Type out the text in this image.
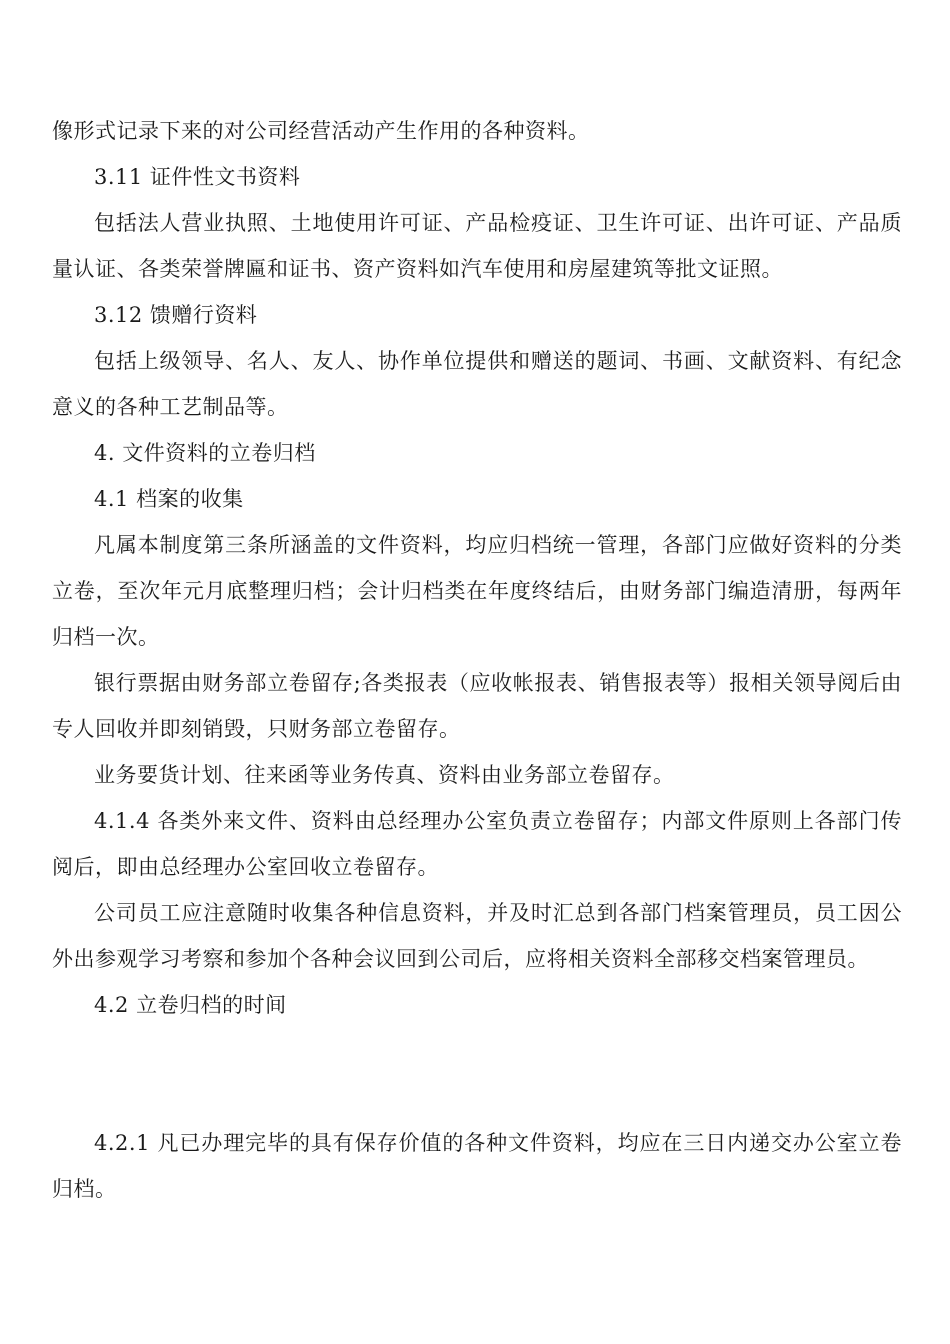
像形式记录下来的对公司经营活动产生作用的各种资料。

3.11 证件性文书资料

包括法人营业执照、土地使用许可证、产品检疫证、卫生许可证、出许可证、产品质量认证、各类荣誉牌匾和证书、资产资料如汽车使用和房屋建筑等批文证照。

3.12 馈赠行资料

包括上级领导、名人、友人、协作单位提供和赠送的题词、书画、文献资料、有纪念意义的各种工艺制品等。

4. 文件资料的立卷归档

4.1 档案的收集

凡属本制度第三条所涵盖的文件资料，均应归档统一管理，各部门应做好资料的分类立卷，至次年元月底整理归档；会计归档类在年度终结后，由财务部门编造清册，每两年归档一次。

银行票据由财务部立卷留存;各类报表（应收帐报表、销售报表等）报相关领导阅后由专人回收并即刻销毁，只财务部立卷留存。

业务要货计划、往来函等业务传真、资料由业务部立卷留存。

4.1.4 各类外来文件、资料由总经理办公室负责立卷留存；内部文件原则上各部门传阅后，即由总经理办公室回收立卷留存。

公司员工应注意随时收集各种信息资料，并及时汇总到各部门档案管理员，员工因公外出参观学习考察和参加个各种会议回到公司后，应将相关资料全部移交档案管理员。

4.2 立卷归档的时间

4.2.1 凡已办理完毕的具有保存价值的各种文件资料，均应在三日内递交办公室立卷归档。
